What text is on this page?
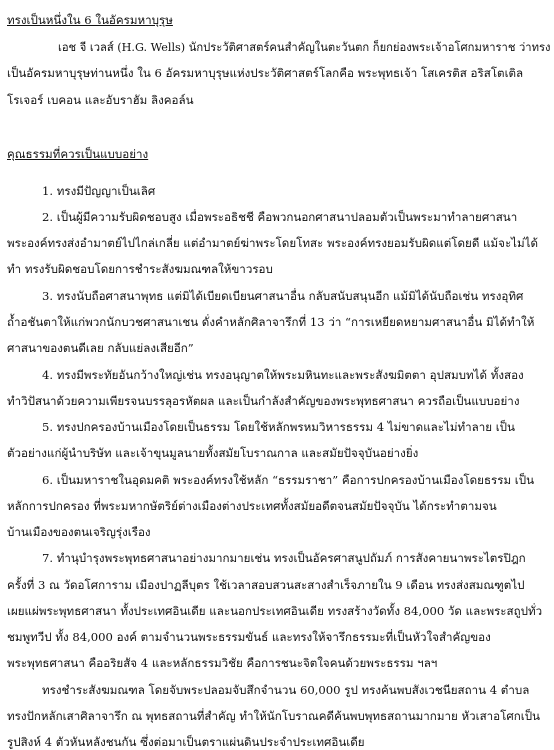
ทรงเป็นหนึ่งใน 6 ในอัครมหาบุรุษ
เอช จี เวลส์ (H.G. Wells) นักประวัติศาสตร์คนสำคัญในตะวันตก ก็ยกย่องพระเจ้าอโศกมหาราช ว่าทรง
เป็นอัครมหาบุรุษท่านหนึ่ง ใน 6 อัครมหาบุรุษแห่งประวัติศาสตร์โลกคือ พระพุทธเจ้า โสเครติส อริสโตเติล
โรเจอร์ เบคอน และอับราฮัม ลิงคอล์น
คุณธรรมที่ควรเป็นแบบอย่าง
1. ทรงมีปัญญาเป็นเลิศ
2. เป็นผู้มีความรับผิดชอบสูง เมื่อพระอธิชชี คือพวกนอกศาสนาปลอมตัวเป็นพระมาทำลายศาสนา
พระองค์ทรงส่งอำมาตย์ไปไกล่เกลี่ย แต่อำมาตย์ฆ่าพระโดยโทสะ พระองค์ทรงยอมรับผิดแต่โดยดี แม้จะไม่ได้
ทำ ทรงรับผิดชอบโดยการชำระสังฆมณฑลให้ขาวรอบ
3. ทรงนับถือศาสนาพุทธ แต่มิได้เบียดเบียนศาสนาอื่น กลับสนับสนุนอีก แม้มิได้นับถือเช่น ทรงอุทิศ
ถ้ำอชันตาให้แก่พวกนักบวชศาสนาเชน ดั่งคำหลักศิลาจารึกที่ 13 ว่า “การเหยียดหยามศาสนาอื่น มิได้ทำให้
ศาสนาของตนดีเลย กลับแย่ลงเสียอีก”
4. ทรงมีพระทัยอันกว้างใหญ่เช่น ทรงอนุญาตให้พระมหินทะและพระสังฆมิตตา อุปสมบทได้ ทั้งสอง
ทำวิปัสนาด้วยความเพียรจนบรรลุอรหัตผล และเป็นกำลังสำคัญของพระพุทธศาสนา ควรถือเป็นแบบอย่าง
5. ทรงปกครองบ้านเมืองโดยเป็นธรรม โดยใช้หลักพรหมวิหารธรรม 4 ไม่ขาดและไม่ทำลาย เป็น
ตัวอย่างแก่ผู้นำบริษัท และเจ้าขุนมูลนายทั้งสมัยโบราณกาล และสมัยปัจจุบันอย่างยิ่ง
6. เป็นมหาราชในอุดมคติ พระองค์ทรงใช้หลัก “ธรรมราชา” คือการปกครองบ้านเมืองโดยธรรม เป็น
หลักการปกครอง ที่พระมหากษัตริย์ต่างเมืองต่างประเทศทั้งสมัยอดีตจนสมัยปัจจุบัน ได้กระทำตามจน
บ้านเมืองของตนเจริญรุ่งเรือง
7. ทำนุบำรุงพระพุทธศาสนาอย่างมากมายเช่น ทรงเป็นอัครศาสนูปถัมภ์ การสังคายนาพระไตรปิฎก
ครั้งที่ 3 ณ วัดอโศการาม เมืองปาฏลีบุตร ใช้เวลาสอบสวนสะสางสำเร็จภายใน 9 เดือน ทรงส่งสมณฑูตไป
เผยแผ่พระพุทธศาสนา ทั้งประเทศอินเดีย และนอกประเทศอินเดีย ทรงสร้างวัดทั้ง 84,000 วัด และพระสถูปทั่ว
ชมพูทวีป ทั้ง 84,000 องค์ ตามจำนวนพระธรรมขันธ์ และทรงให้จารึกธรรมะที่เป็นหัวใจสำคัญของ
พระพุทธศาสนา คืออริยสัจ 4 และหลักธรรมวิชัย คือการชนะจิตใจคนด้วยพระธรรม ฯลฯ
ทรงชำระสังฆมณฑล โดยจับพระปลอมจับสึกจำนวน 60,000 รูป ทรงค้นพบสังเวชนียสถาน 4 ตำบล
ทรงปักหลักเสาศิลาจารึก ณ พุทธสถานที่สำคัญ ทำให้นักโบราณคดีค้นพบพุทธสถานมากมาย หัวเสาอโศกเป็น
รูปสิงห์ 4 ตัวหันหลังชนกัน ซึ่งต่อมาเป็นตราแผ่นดินประจำประเทศอินเดีย
